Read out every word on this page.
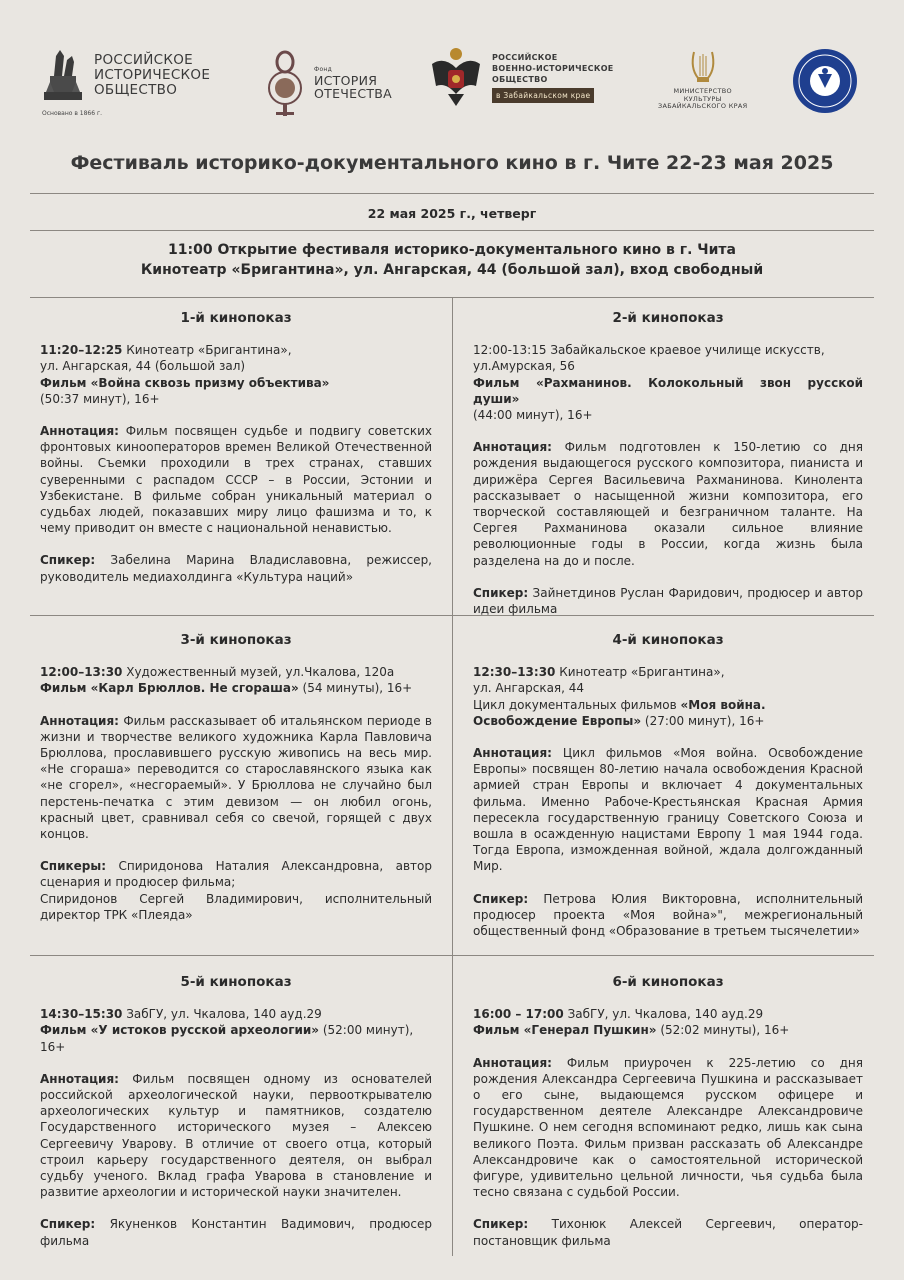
РОССИЙСКОЕ
ИСТОРИЧЕСКОЕ
ОБЩЕСТВО
Основано в 1866 г.
Фонд
ИСТОРИЯ
ОТЕЧЕСТВА
РОССИЙСКОЕ
ВОЕННО-ИСТОРИЧЕСКОЕ
ОБЩЕСТВО
в Забайкальском крае	МИНИСТЕРСТВО
КУЛЬТУРЫ
ЗАБАЙКАЛЬСКОГО КРАЯ
Фестиваль историко-документального кино в г. Чите 22-23 мая 2025
22 мая 2025 г., четверг
11:00 Открытие фестиваля историко-документального кино в г. Чита
Кинотеатр «Бригантина», ул. Ангарская, 44 (большой зал), вход свободный
1-й кинопоказ

11:20–12:25 Кинотеатр «Бригантина»,
ул. Ангарская, 44 (большой зал)
Фильм «Война сквозь призму объектива»
(50:37 минут), 16+

Аннотация: Фильм посвящен судьбе и подвигу советских фронтовых кинооператоров времен Великой Отечественной войны. Съемки проходили в трех странах, ставших суверенными с распадом СССР – в России, Эстонии и Узбекистане. В фильме собран уникальный материал о судьбах людей, показавших миру лицо фашизма и то, к чему приводит он вместе с национальной ненавистью.

Спикер: Забелина Марина Владиславовна, режиссер, руководитель медиахолдинга «Культура наций»

2-й кинопоказ

12:00-13:15 Забайкальское краевое училище искусств,
ул.Амурская, 56
Фильм «Рахманинов. Колокольный звон русской души»
(44:00 минут), 16+

Аннотация: Фильм подготовлен к 150-летию со дня рождения выдающегося русского композитора, пианиста и дирижёра Сергея Васильевича Рахманинова. Кинолента рассказывает о насыщенной жизни композитора, его творческой составляющей и безграничном таланте. На Сергея Рахманинова оказали сильное влияние революционные годы в России, когда жизнь была разделена на до и после.

Спикер: Зайнетдинов Руслан Фаридович, продюсер и автор идеи фильма

3-й кинопоказ

12:00–13:30 Художественный музей, ул.Чкалова, 120а
Фильм «Карл Брюллов. Не сгораша» (54 минуты), 16+

Аннотация: Фильм рассказывает об итальянском периоде в жизни и творчестве великого художника Карла Павловича Брюллова, прославившего русскую живопись на весь мир. «Не сгораша» переводится со старославянского языка как «не сгорел», «несгораемый». У Брюллова не случайно был перстень-печатка с этим девизом — он любил огонь, красный цвет, сравнивал себя со свечой, горящей с двух концов.

Спикеры: Спиридонова Наталия Александровна, автор сценария и продюсер фильма;
Спиридонов Сергей Владимирович, исполнительный директор ТРК «Плеяда»

4-й кинопоказ

12:30–13:30 Кинотеатр «Бригантина»,
ул. Ангарская, 44
Цикл документальных фильмов «Моя война. Освобождение Европы» (27:00 минут), 16+

Аннотация: Цикл фильмов «Моя война. Освобождение Европы» посвящен 80-летию начала освобождения Красной армией стран Европы и включает 4 документальных фильма. Именно Рабоче-Крестьянская Красная Армия пересекла государственную границу Советского Союза и вошла в осажденную нацистами Европу 1 мая 1944 года. Тогда Европа, изможденная войной, ждала долгожданный Мир.

Спикер: Петрова Юлия Викторовна, исполнительный продюсер проекта «Моя война»", межрегиональный общественный фонд «Образование в третьем тысячелетии»

5-й кинопоказ

14:30–15:30 ЗабГУ, ул. Чкалова, 140 ауд.29
Фильм «У истоков русской археологии» (52:00 минут), 16+

Аннотация: Фильм посвящен одному из основателей российской археологической науки, первооткрывателю археологических культур и памятников, создателю Государственного исторического музея – Алексею Сергеевичу Уварову. В отличие от своего отца, который строил карьеру государственного деятеля, он выбрал судьбу ученого. Вклад графа Уварова в становление и развитие археологии и исторической науки значителен.

Спикер: Якуненков Константин Вадимович, продюсер фильма

6-й кинопоказ

16:00 – 17:00 ЗабГУ, ул. Чкалова, 140 ауд.29
Фильм «Генерал Пушкин» (52:02 минуты), 16+

Аннотация: Фильм приурочен к 225-летию со дня рождения Александра Сергеевича Пушкина и рассказывает о его сыне, выдающемся русском офицере и государственном деятеле Александре Александровиче Пушкине. О нем сегодня вспоминают редко, лишь как сына великого Поэта. Фильм призван рассказать об Александре Александровиче как о самостоятельной исторической фигуре, удивительно цельной личности, чья судьба была тесно связана с судьбой России.

Спикер: Тихонюк Алексей Сергеевич, оператор-постановщик фильма
